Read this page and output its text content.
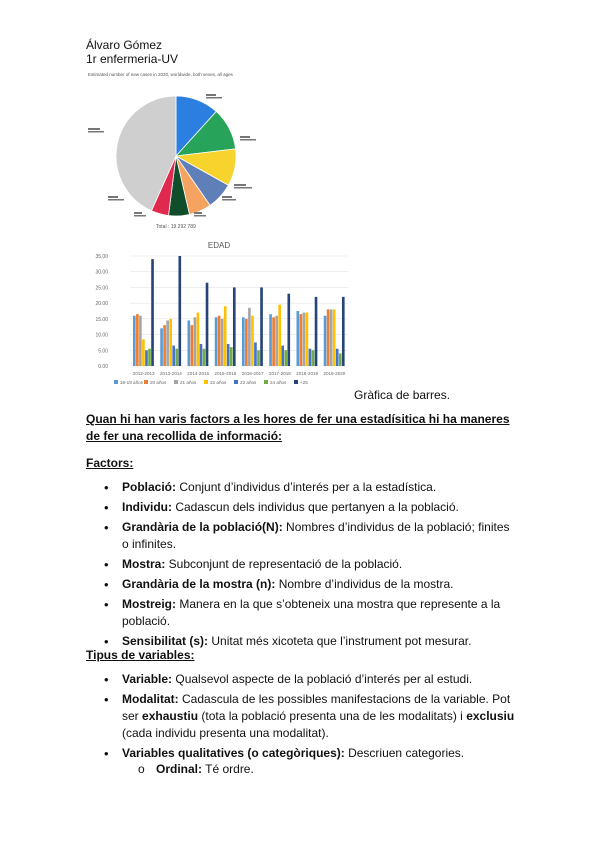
Álvaro Gómez
1r enfermeria-UV
Estimated number of new cases in 2020, worldwide, both sexes, all ages
Total : 19 292 789
EDAD
0.00
5.00
10.00
15.00
20.00
25.00
30.00
35.00
2012-2013 2013-2014 2014-2015 2015-2016 2016-2017 2017-2018 2018-2019 2019-2020
18-19 años 20 años	21 años	22 años	23 años	24 años	+25
Gràfica de barres.
Quan hi han varis factors a les hores de fer una estadísitica hi ha maneres de fer una recollida de informació:
Factors:
• Població: Conjunt d’individus d’interés per a la estadística.
• Individu: Cadascun dels individus que pertanyen a la població.
• Grandària de la població(N): Nombres d’individus de la població; finites o infinites.
• Mostra: Subconjunt de representació de la població.
• Grandària de la mostra (n): Nombre d’individus de la mostra.
• Mostreig: Manera en la que s’obteneix una mostra que represente a la població.
• Sensibilitat (s): Unitat més xicoteta que l’instrument pot mesurar.
Tipus de variables:
• Variable: Qualsevol aspecte de la població d’interés per al estudi.
• Modalitat: Cadascula de les possibles manifestacions de la variable. Pot ser exhaustiu (tota la població presenta una de les modalitats) i exclusiu (cada individu presenta una modalitat).
• Variables qualitatives (o categòriques): Descriuen categories.
o Ordinal: Té ordre.
